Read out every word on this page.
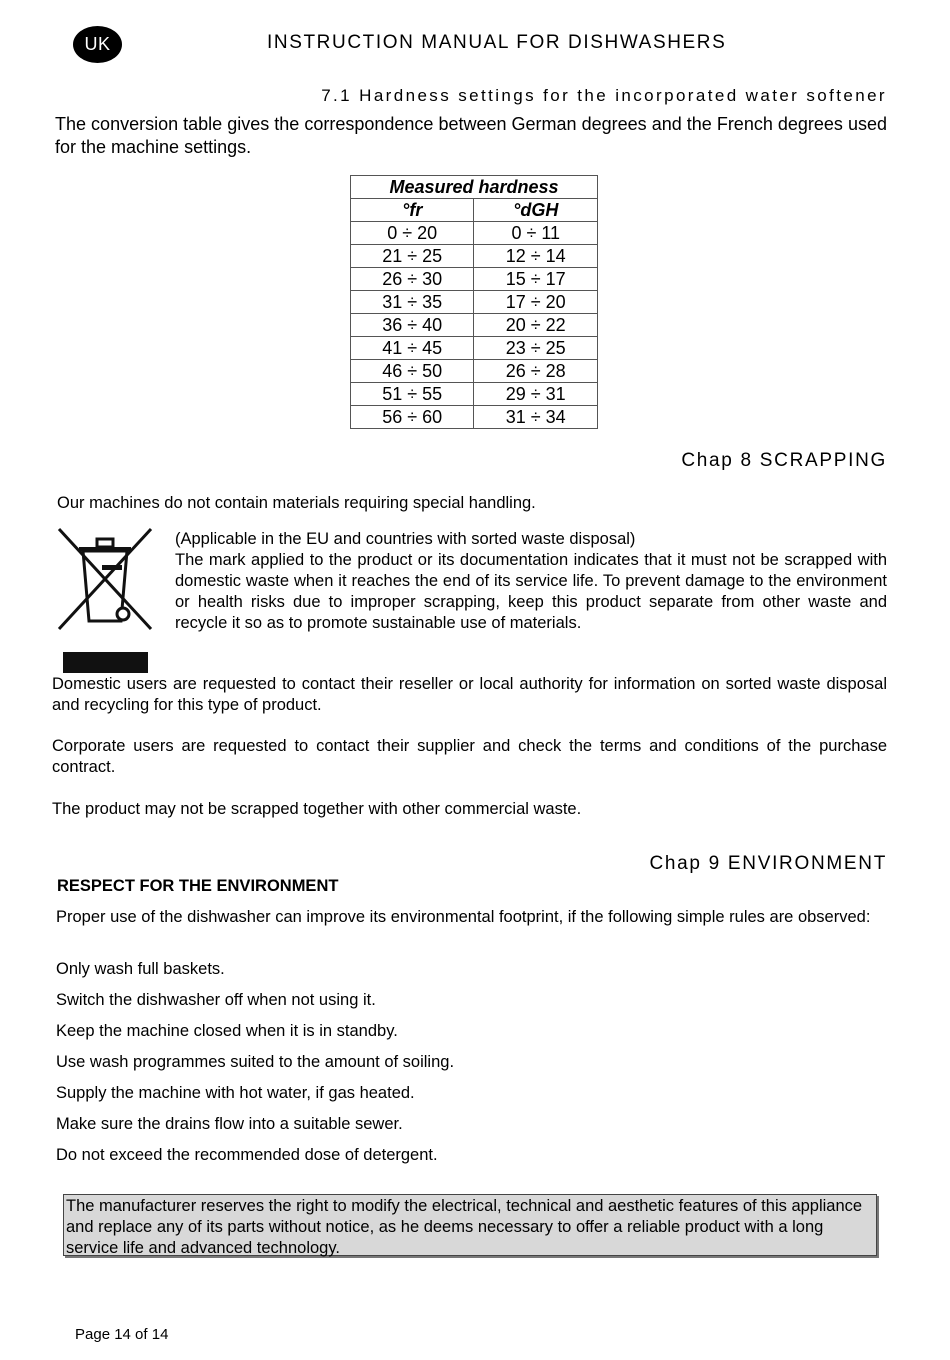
UK	INSTRUCTION MANUAL FOR DISHWASHERS
7.1 Hardness settings for the incorporated water softener
The conversion table gives the correspondence between German degrees and the French degrees used for the machine settings.
Measured hardness	
°fr	°dGH
0 ÷ 20	0 ÷ 11
21 ÷ 25	12 ÷ 14
26 ÷ 30	15 ÷ 17
31 ÷ 35	17 ÷ 20
36 ÷ 40	20 ÷ 22
41 ÷ 45	23 ÷ 25
46 ÷ 50	26 ÷ 28
51 ÷ 55	29 ÷ 31
56 ÷ 60	31 ÷ 34
Chap 8 SCRAPPING
Our machines do not contain materials requiring special handling.
(Applicable in the EU and countries with sorted waste disposal)
The mark applied to the product or its documentation indicates that it must not be scrapped with domestic waste when it reaches the end of its service life. To prevent damage to the environment or health risks due to improper scrapping, keep this product separate from other waste and recycle it so as to promote sustainable use of materials.
Domestic users are requested to contact their reseller or local authority for information on sorted waste disposal and recycling for this type of product.
Corporate users are requested to contact their supplier and check the terms and conditions of the purchase contract.
The product may not be scrapped together with other commercial waste.
Chap 9 ENVIRONMENT
RESPECT FOR THE ENVIRONMENT
Proper use of the dishwasher can improve its environmental footprint, if the following simple rules are observed:

Only wash full baskets.

Switch the dishwasher off when not using it.

Keep the machine closed when it is in standby.

Use wash programmes suited to the amount of soiling.

Supply the machine with hot water, if gas heated.

Make sure the drains flow into a suitable sewer.

Do not exceed the recommended dose of detergent.

The manufacturer reserves the right to modify the electrical, technical and aesthetic features of this appliance and replace any of its parts without notice, as he deems necessary to offer a reliable product with a long service life and advanced technology.
Page 14 of 14
